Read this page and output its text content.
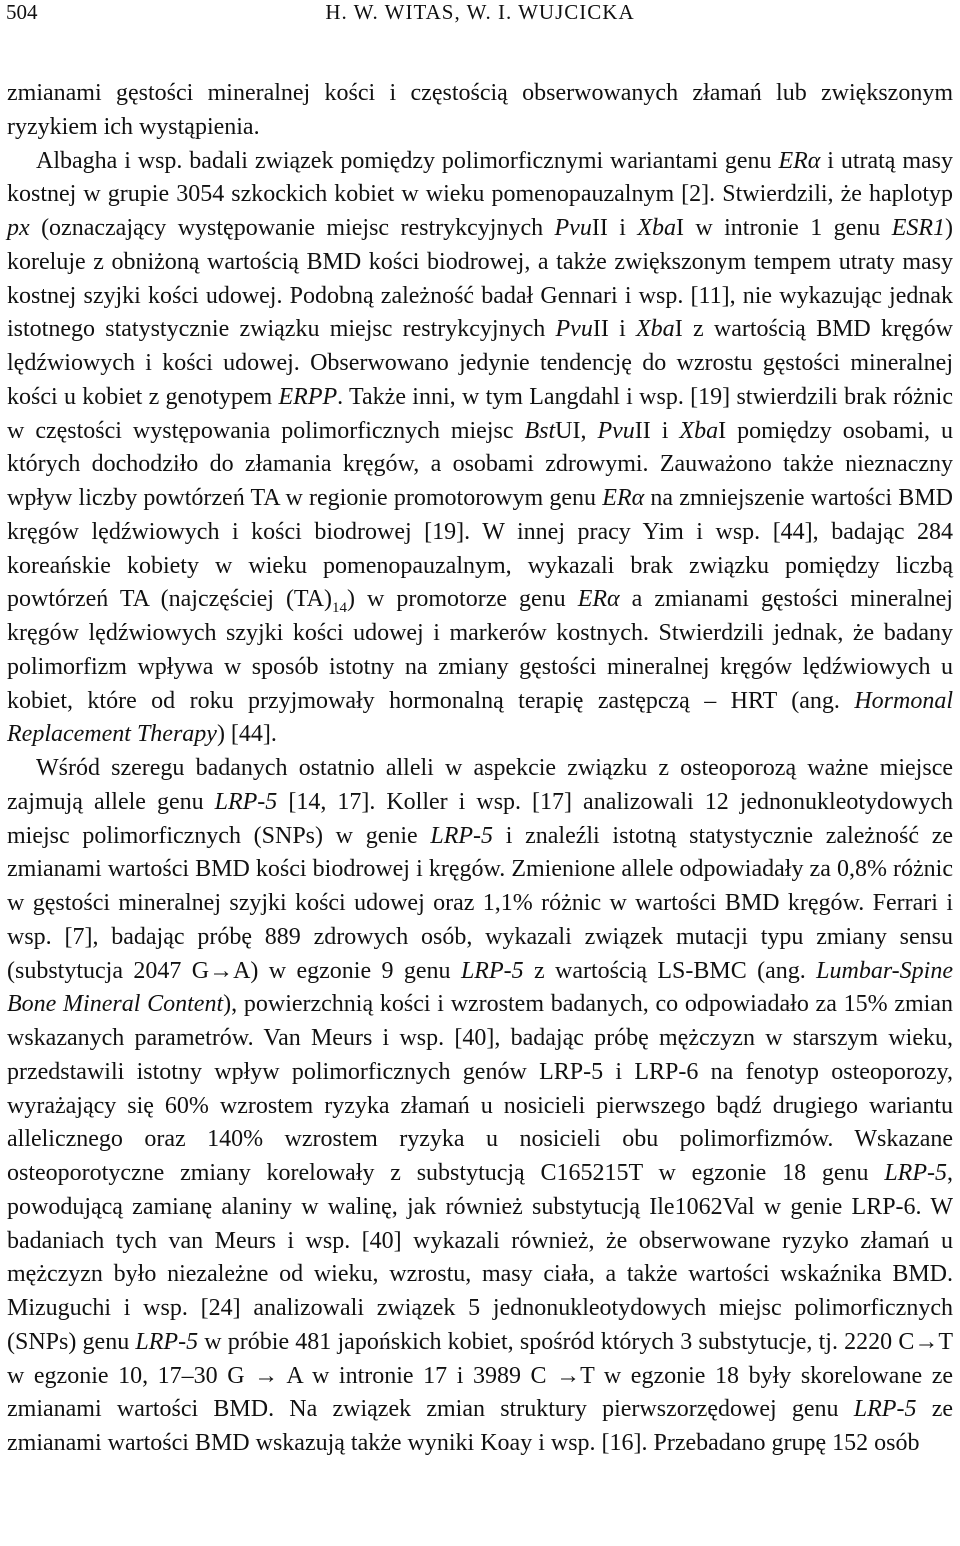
504	H. W. WITAS, W. I. WUJCICKA

zmianami gęstości mineralnej kości i częstością obserwowanych złamań lub zwiększonym ryzykiem ich wystąpienia.

Albagha i wsp. badali związek pomiędzy polimorficznymi wariantami genu ERα i utratą masy kostnej w grupie 3054 szkockich kobiet w wieku pomenopauzalnym [2]. Stwierdzili, że haplotyp px (oznaczający występowanie miejsc restrykcyjnych PvuII i XbaI w intronie 1 genu ESR1) koreluje z obniżoną wartością BMD kości biodrowej, a także zwiększonym tempem utraty masy kostnej szyjki kości udowej. Podobną zależność badał Gennari i wsp. [11], nie wykazując jednak istotnego statystycznie związku miejsc restrykcyjnych PvuII i XbaI z wartością BMD kręgów lędźwiowych i kości udowej. Obserwowano jedynie tendencję do wzrostu gęstości mineralnej kości u kobiet z genotypem ERPP. Także inni, w tym Langdahl i wsp. [19] stwierdzili brak różnic w częstości występowania polimorficznych miejsc BstUI, PvuII i XbaI pomiędzy osobami, u których dochodziło do złamania kręgów, a osobami zdrowymi. Zauważono także nieznaczny wpływ liczby powtórzeń TA w regionie promotorowym genu ERα na zmniejszenie wartości BMD kręgów lędźwiowych i kości biodrowej [19]. W innej pracy Yim i wsp. [44], badając 284 koreańskie kobiety w wieku pomenopauzalnym, wykazali brak związku pomiędzy liczbą powtórzeń TA (najczęściej $(TA)_{14}$) w promotorze genu ERα a zmianami gęstości mineralnej kręgów lędźwiowych szyjki kości udowej i markerów kostnych. Stwierdzili jednak, że badany polimorfizm wpływa w sposób istotny na zmiany gęstości mineralnej kręgów lędźwiowych u kobiet, które od roku przyjmowały hormonalną terapię zastępczą – HRT (ang. Hormonal Replacement Therapy) [44].

Wśród szeregu badanych ostatnio alleli w aspekcie związku z osteoporozą ważne miejsce zajmują allele genu LRP-5 [14, 17]. Koller i wsp. [17] analizowali 12 jednonukleotydowych miejsc polimorficznych (SNPs) w genie LRP-5 i znaleźli istotną statystycznie zależność ze zmianami wartości BMD kości biodrowej i kręgów. Zmienione allele odpowiadały za 0,8% różnic w gęstości mineralnej szyjki kości udowej oraz 1,1% różnic w wartości BMD kręgów. Ferrari i wsp. [7], badając próbę 889 zdrowych osób, wykazali związek mutacji typu zmiany sensu (substytucja 2047 G→A) w egzonie 9 genu LRP-5 z wartością LS-BMC (ang. Lumbar-Spine Bone Mineral Content), powierzchnią kości i wzrostem badanych, co odpowiadało za 15% zmian wskazanych parametrów. Van Meurs i wsp. [40], badając próbę mężczyzn w starszym wieku, przedstawili istotny wpływ polimorficznych genów LRP-5 i LRP-6 na fenotyp osteoporozy, wyrażający się 60% wzrostem ryzyka złamań u nosicieli pierwszego bądź drugiego wariantu allelicznego oraz 140% wzrostem ryzyka u nosicieli obu polimorfizmów. Wskazane osteoporotyczne zmiany korelowały z substytucją C165215T w egzonie 18 genu LRP-5, powodującą zamianę alaniny w walinę, jak również substytucją Ile1062Val w genie LRP-6. W badaniach tych van Meurs i wsp. [40] wykazali również, że obserwowane ryzyko złamań u mężczyzn było niezależne od wieku, wzrostu, masy ciała, a także wartości wskaźnika BMD. Mizuguchi i wsp. [24] analizowali związek 5 jednonukleotydowych miejsc polimorficznych (SNPs) genu LRP-5 w próbie 481 japońskich kobiet, spośród których 3 substytucje, tj. 2220 C→T w egzonie 10, 17–30 G → A w intronie 17 i 3989 C →T w egzonie 18 były skorelowane ze zmianami wartości BMD. Na związek zmian struktury pierwszorzędowej genu LRP-5 ze zmianami wartości BMD wskazują także wyniki Koay i wsp. [16]. Przebadano grupę 152 osób
